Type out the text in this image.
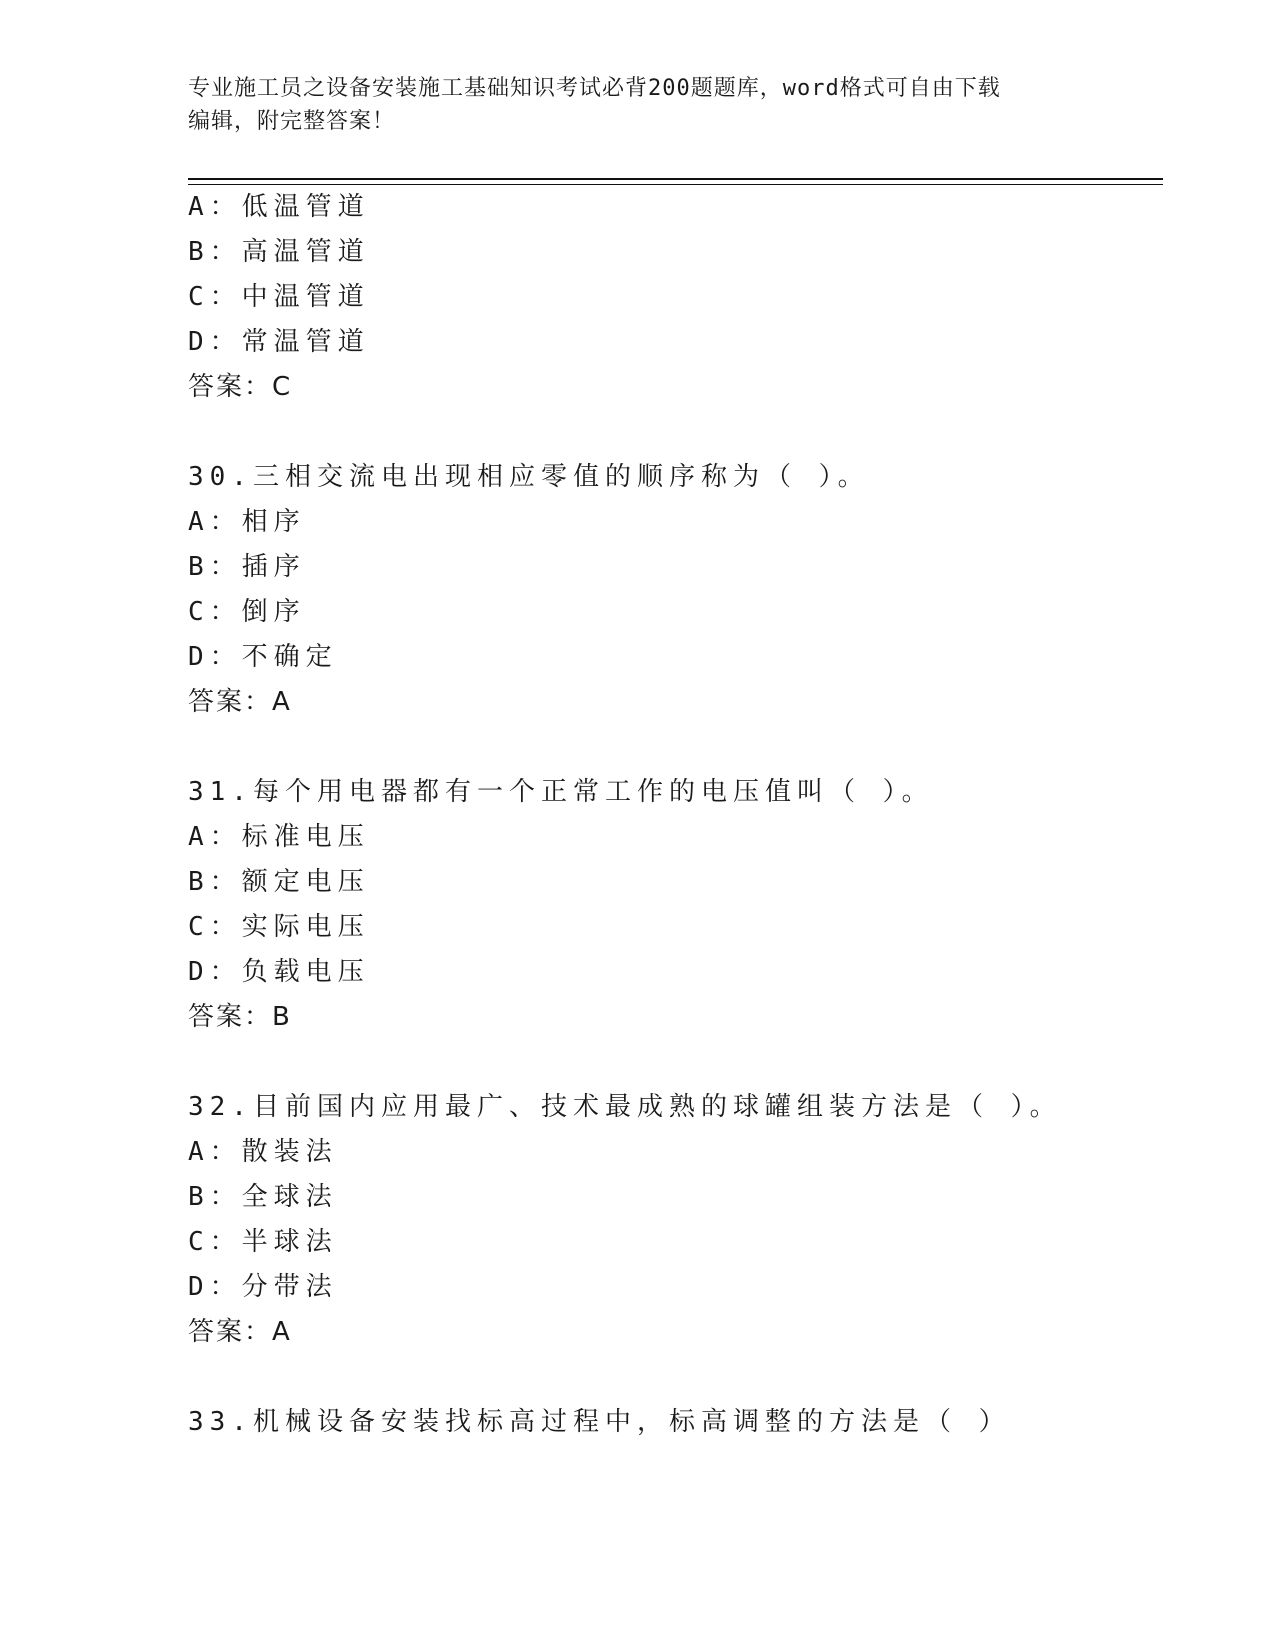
专业施工员之设备安装施工基础知识考试必背200题题库，word格式可自由下载
编辑，附完整答案！
A：低温管道
B：高温管道
C：中温管道
D：常温管道
答案：C
30.三相交流电出现相应零值的顺序称为（ ）。
A：相序
B：插序
C：倒序
D：不确定
答案：A
31.每个用电器都有一个正常工作的电压值叫（ ）。
A：标准电压
B：额定电压
C：实际电压
D：负载电压
答案：B
32.目前国内应用最广、技术最成熟的球罐组装方法是（ ）。
A：散装法
B：全球法
C：半球法
D：分带法
答案：A
33.机械设备安装找标高过程中，标高调整的方法是（ ）
